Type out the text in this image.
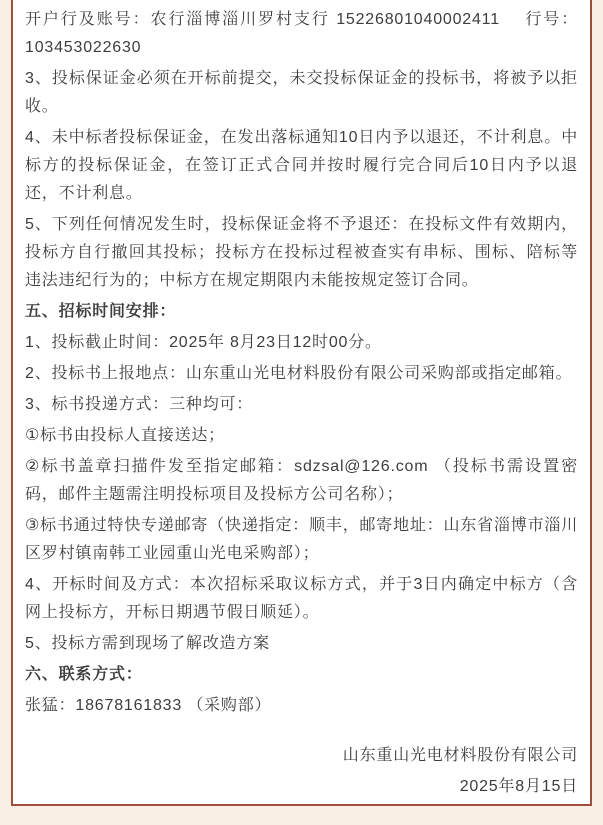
开户行及账号：农行淄博淄川罗村支行 15226801040002411　 行号：103453022630

3、投标保证金必须在开标前提交，未交投标保证金的投标书，将被予以拒收。

4、未中标者投标保证金，在发出落标通知10日内予以退还，不计利息。中标方的投标保证金，在签订正式合同并按时履行完合同后10日内予以退还，不计利息。

5、下列任何情况发生时，投标保证金将不予退还：在投标文件有效期内，投标方自行撤回其投标；投标方在投标过程被查实有串标、围标、陪标等违法违纪行为的；中标方在规定期限内未能按规定签订合同。

五、招标时间安排：

1、投标截止时间：2025年 8月23日12时00分。

2、投标书上报地点：山东重山光电材料股份有限公司采购部或指定邮箱。

3、标书投递方式：三种均可：

①标书由投标人直接送达；

②标书盖章扫描件发至指定邮箱：sdzsal@126.com （投标书需设置密码，邮件主题需注明投标项目及投标方公司名称）；

③标书通过特快专递邮寄（快递指定：顺丰，邮寄地址：山东省淄博市淄川区罗村镇南韩工业园重山光电采购部）；

4、开标时间及方式：本次招标采取议标方式，并于3日内确定中标方（含网上投标方，开标日期遇节假日顺延）。

5、投标方需到现场了解改造方案

六、联系方式：

张猛：18678161833 （采购部）

山东重山光电材料股份有限公司

2025年8月15日
